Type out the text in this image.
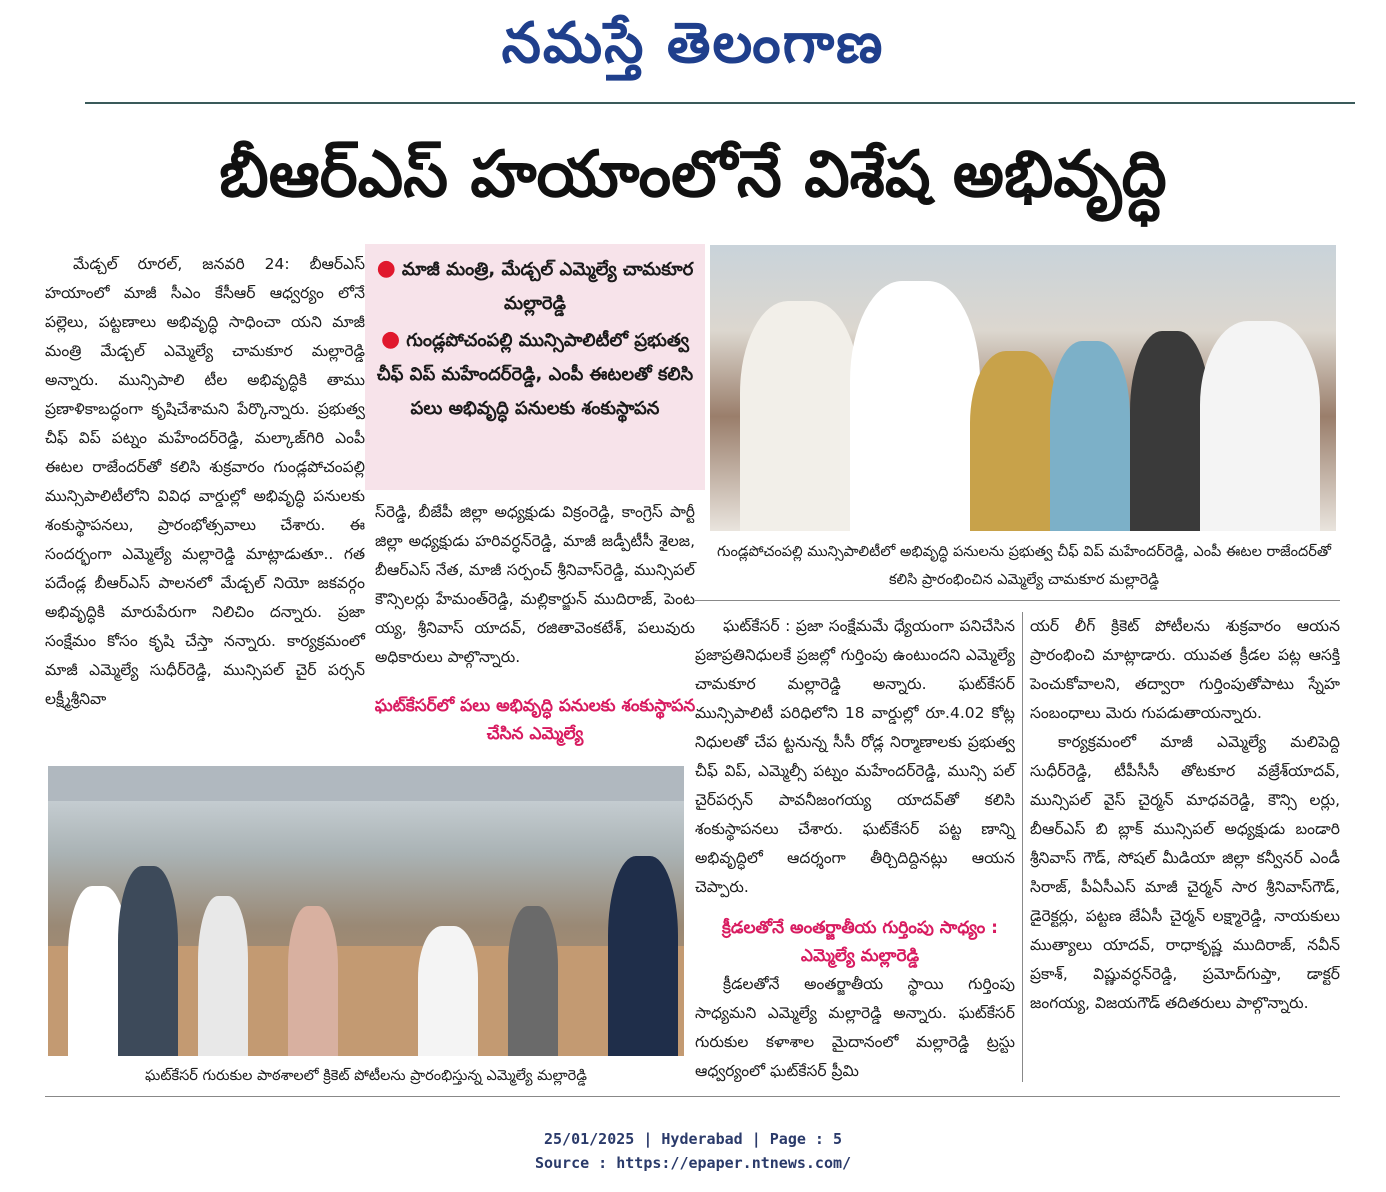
నమస్తే తెలంగాణ
బీఆర్ఎస్ హయాంలోనే విశేష అభివృద్ధి

మేడ్చల్ రూరల్, జనవరి 24: బీఆర్ఎస్ హయాంలో మాజీ సీఎం కేసీఆర్ ఆధ్వర్యం లోనే పల్లెలు, పట్టణాలు అభివృద్ధి సాధించా యని మాజీ మంత్రి మేడ్చల్ ఎమ్మెల్యే చామకూర మల్లారెడ్డి అన్నారు. మున్సిపాలి టీల అభివృద్ధికి తాము ప్రణాళికాబద్ధంగా కృషిచేశామని పేర్కొన్నారు. ప్రభుత్వ చీఫ్ విప్ పట్నం మహేందర్‌రెడ్డి, మల్కాజ్‌గిరి ఎంపీ ఈటల రాజేందర్‌తో కలిసి శుక్రవారం గుండ్లపోచంపల్లి మున్సిపాలిటీలోని వివిధ వార్డుల్లో అభివృద్ధి పనులకు శంకుస్థాపనలు, ప్రారంభోత్సవాలు చేశారు. ఈ సందర్భంగా ఎమ్మెల్యే మల్లారెడ్డి మాట్లాడుతూ.. గత పదేండ్ల బీఆర్ఎస్ పాలనలో మేడ్చల్ నియో జకవర్గం అభివృద్ధికి మారుపేరుగా నిలిచిం దన్నారు. ప్రజా సంక్షేమం కోసం కృషి చేస్తా నన్నారు. కార్యక్రమంలో మాజీ ఎమ్మెల్యే సుధీర్‌రెడ్డి, మున్సిపల్ చైర్ పర్సన్ లక్ష్మీశ్రీనివా

● మాజీ మంత్రి, మేడ్చల్ ఎమ్మెల్యే చామకూర మల్లారెడ్డి
● గుండ్లపోచంపల్లి మున్సిపాలిటీలో ప్రభుత్వ చీఫ్ విప్ మహేందర్‌రెడ్డి, ఎంపీ ఈటలతో కలిసి పలు అభివృద్ధి పనులకు శంకుస్థాపన

స్‌రెడ్డి, బీజేపీ జిల్లా అధ్యక్షుడు విక్రంరెడ్డి, కాంగ్రెస్ పార్టీ జిల్లా అధ్యక్షుడు హరివర్ధన్‌రెడ్డి, మాజీ జడ్పీటీసీ శైలజ, బీఆర్ఎస్ నేత, మాజీ సర్పంచ్ శ్రీనివాస్‌రెడ్డి, మున్సిపల్ కౌన్సిలర్లు హేమంత్‌రెడ్డి, మల్లికార్జున్ ముదిరాజ్, పెంట య్య, శ్రీనివాస్ యాదవ్, రజితావెంకటేశ్, పలువురు అధికారులు పాల్గొన్నారు.

ఘట్‌కేసర్‌లో పలు అభివృద్ధి పనులకు శంకుస్థాపన చేసిన ఎమ్మెల్యే
గుండ్లపోచంపల్లి మున్సిపాలిటీలో అభివృద్ధి పనులను ప్రభుత్వ చీఫ్ విప్ మహేందర్‌రెడ్డి, ఎంపీ ఈటల రాజేందర్‌తో కలిసి ప్రారంభించిన ఎమ్మెల్యే చామకూర మల్లారెడ్డి

ఘట్‌కేసర్ : ప్రజా సంక్షేమమే ధ్యేయంగా పనిచేసిన ప్రజాప్రతినిధులకే ప్రజల్లో గుర్తింపు ఉంటుందని ఎమ్మెల్యే చామకూర మల్లారెడ్డి అన్నారు. ఘట్‌కేసర్ మున్సిపాలిటీ పరిధిలోని 18 వార్డుల్లో రూ.4.02 కోట్ల నిధులతో చేప ట్టనున్న సీసీ రోడ్ల నిర్మాణాలకు ప్రభుత్వ చీఫ్ విప్, ఎమ్మెల్సీ పట్నం మహేందర్‌రెడ్డి, మున్సి పల్ చైర్‌పర్సన్ పావనీజంగయ్య యాదవ్‌తో కలిసి శంకుస్థాపనలు చేశారు. ఘట్‌కేసర్ పట్ట ణాన్ని అభివృద్ధిలో ఆదర్శంగా తీర్చిదిద్దినట్లు ఆయన చెప్పారు.

క్రీడలతోనే అంతర్జాతీయ గుర్తింపు సాధ్యం : ఎమ్మెల్యే మల్లారెడ్డి

క్రీడలతోనే అంతర్జాతీయ స్థాయి గుర్తింపు సాధ్యమని ఎమ్మెల్యే మల్లారెడ్డి అన్నారు. ఘట్‌కేసర్ గురుకుల కళాశాల మైదానంలో మల్లారెడ్డి ట్రస్టు ఆధ్వర్యంలో ఘట్‌కేసర్ ప్రీమి

యర్ లీగ్ క్రికెట్ పోటీలను శుక్రవారం ఆయన ప్రారంభించి మాట్లాడారు. యువత క్రీడల పట్ల ఆసక్తి పెంచుకోవాలని, తద్వారా గుర్తింపుతోపాటు స్నేహ సంబంధాలు మెరు గుపడుతాయన్నారు.

కార్యక్రమంలో మాజీ ఎమ్మెల్యే మలిపెద్ది సుధీర్‌రెడ్డి, టీపీసీసీ తోటకూర వజ్రేశ్‌యాదవ్, మున్సిపల్ వైస్ చైర్మన్ మాధవరెడ్డి, కౌన్సి లర్లు, బీఆర్ఎస్ బి బ్లాక్ మున్సిపల్ అధ్యక్షుడు బండారి శ్రీనివాస్ గౌడ్, సోషల్ మీడియా జిల్లా కన్వీనర్ ఎండీ సిరాజ్, పీఏసీఎస్ మాజీ చైర్మన్ సార శ్రీనివాస్‌గౌడ్, డైరెక్టర్లు, పట్టణ జేఏసీ చైర్మన్ లక్ష్మారెడ్డి, నాయకులు ముత్యాలు యాదవ్, రాధాకృష్ణ ముదిరాజ్, నవీన్ ప్రకాశ్, విష్ణువర్ధన్‌రెడ్డి, ప్రమోద్‌గుప్తా, డాక్టర్ జంగయ్య, విజయగౌడ్ తదితరులు పాల్గొన్నారు.

ఘట్‌కేసర్ గురుకుల పాఠశాలలో క్రికెట్ పోటీలను ప్రారంభిస్తున్న ఎమ్మెల్యే మల్లారెడ్డి
25/01/2025 | Hyderabad | Page : 5
Source : https://epaper.ntnews.com/
